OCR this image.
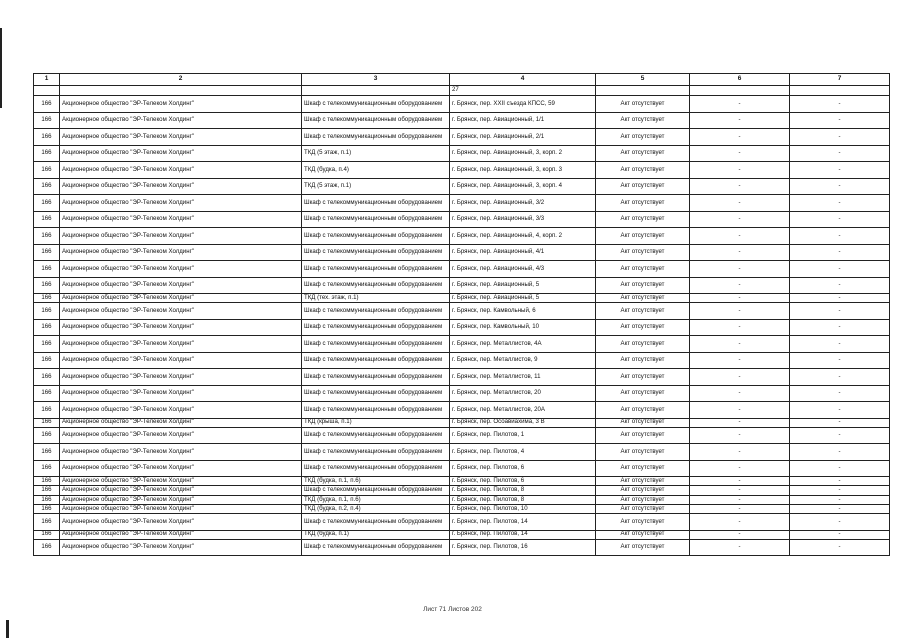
1	2	3	4	5	6	7
			27			
166	Акционерное общество "ЭР-Телеком Холдинг"	Шкаф с телекоммуникационным оборудованием	г. Брянск, пер. XXII съезда КПСС, 59	Акт отсутствует	-	-
166	Акционерное общество "ЭР-Телеком Холдинг"	Шкаф с телекоммуникационным оборудованием	г. Брянск, пер. Авиационный, 1/1	Акт отсутствует	-	-
166	Акционерное общество "ЭР-Телеком Холдинг"	Шкаф с телекоммуникационным оборудованием	г. Брянск, пер. Авиационный, 2/1	Акт отсутствует	-	-
166	Акционерное общество "ЭР-Телеком Холдинг"	ТКД (5 этаж, п.1)	г. Брянск, пер. Авиационный, 3, корп. 2	Акт отсутствует	-	-
166	Акционерное общество "ЭР-Телеком Холдинг"	ТКД (будка, п.4)	г. Брянск, пер. Авиационный, 3, корп. 3	Акт отсутствует	-	-
166	Акционерное общество "ЭР-Телеком Холдинг"	ТКД (5 этаж, п.1)	г. Брянск, пер. Авиационный, 3, корп. 4	Акт отсутствует	-	-
166	Акционерное общество "ЭР-Телеком Холдинг"	Шкаф с телекоммуникационным оборудованием	г. Брянск, пер. Авиационный, 3/2	Акт отсутствует	-	-
166	Акционерное общество "ЭР-Телеком Холдинг"	Шкаф с телекоммуникационным оборудованием	г. Брянск, пер. Авиационный, 3/3	Акт отсутствует	-	-
166	Акционерное общество "ЭР-Телеком Холдинг"	Шкаф с телекоммуникационным оборудованием	г. Брянск, пер. Авиационный, 4, корп. 2	Акт отсутствует	-	-
166	Акционерное общество "ЭР-Телеком Холдинг"	Шкаф с телекоммуникационным оборудованием	г. Брянск, пер. Авиационный, 4/1	Акт отсутствует	-	-
166	Акционерное общество "ЭР-Телеком Холдинг"	Шкаф с телекоммуникационным оборудованием	г. Брянск, пер. Авиационный, 4/3	Акт отсутствует	-	-
166	Акционерное общество "ЭР-Телеком Холдинг"	Шкаф с телекоммуникационным оборудованием	г. Брянск, пер. Авиационный, 5	Акт отсутствует	-	-
166	Акционерное общество "ЭР-Телеком Холдинг"	ТКД (тех. этаж, п.1)	г. Брянск, пер. Авиационный, 5	Акт отсутствует	-	-
166	Акционерное общество "ЭР-Телеком Холдинг"	Шкаф с телекоммуникационным оборудованием	г. Брянск, пер. Камвольный, 6	Акт отсутствует	-	-
166	Акционерное общество "ЭР-Телеком Холдинг"	Шкаф с телекоммуникационным оборудованием	г. Брянск, пер. Камвольный, 10	Акт отсутствует	-	-
166	Акционерное общество "ЭР-Телеком Холдинг"	Шкаф с телекоммуникационным оборудованием	г. Брянск, пер. Металлистов, 4А	Акт отсутствует	-	-
166	Акционерное общество "ЭР-Телеком Холдинг"	Шкаф с телекоммуникационным оборудованием	г. Брянск, пер. Металлистов, 9	Акт отсутствует	-	-
166	Акционерное общество "ЭР-Телеком Холдинг"	Шкаф с телекоммуникационным оборудованием	г. Брянск, пер. Металлистов, 11	Акт отсутствует	-	-
166	Акционерное общество "ЭР-Телеком Холдинг"	Шкаф с телекоммуникационным оборудованием	г. Брянск, пер. Металлистов, 20	Акт отсутствует	-	-
166	Акционерное общество "ЭР-Телеком Холдинг"	Шкаф с телекоммуникационным оборудованием	г. Брянск, пер. Металлистов, 20А	Акт отсутствует	-	-
166	Акционерное общество "ЭР-Телеком Холдинг"	ТКД (крыша, п.1)	г. Брянск, пер. Осоавиахима, 3 В	Акт отсутствует	-	-
166	Акционерное общество "ЭР-Телеком Холдинг"	Шкаф с телекоммуникационным оборудованием	г. Брянск, пер. Пилотов, 1	Акт отсутствует	-	-
166	Акционерное общество "ЭР-Телеком Холдинг"	Шкаф с телекоммуникационным оборудованием	г. Брянск, пер. Пилотов, 4	Акт отсутствует	-	-
166	Акционерное общество "ЭР-Телеком Холдинг"	Шкаф с телекоммуникационным оборудованием	г. Брянск, пер. Пилотов, 6	Акт отсутствует	-	-
166	Акционерное общество "ЭР-Телеком Холдинг"	ТКД (будка, п.1, п.6)	г. Брянск, пер. Пилотов, 6	Акт отсутствует	-	-
166	Акционерное общество "ЭР-Телеком Холдинг"	Шкаф с телекоммуникационным оборудованием	г. Брянск, пер. Пилотов, 8	Акт отсутствует	-	-
166	Акционерное общество "ЭР-Телеком Холдинг"	ТКД (будка, п.1, п.6)	г. Брянск, пер. Пилотов, 8	Акт отсутствует	-	-
166	Акционерное общество "ЭР-Телеком Холдинг"	ТКД (будка, п.2, п.4)	г. Брянск, пер. Пилотов, 10	Акт отсутствует	-	-
166	Акционерное общество "ЭР-Телеком Холдинг"	Шкаф с телекоммуникационным оборудованием	г. Брянск, пер. Пилотов, 14	Акт отсутствует	-	-
166	Акционерное общество "ЭР-Телеком Холдинг"	ТКД (будка, п.1)	г. Брянск, пер. Пилотов, 14	Акт отсутствует	-	-
166	Акционерное общество "ЭР-Телеком Холдинг"	Шкаф с телекоммуникационным оборудованием	г. Брянск, пер. Пилотов, 16	Акт отсутствует	-	-
Лист 71 Листов 202
